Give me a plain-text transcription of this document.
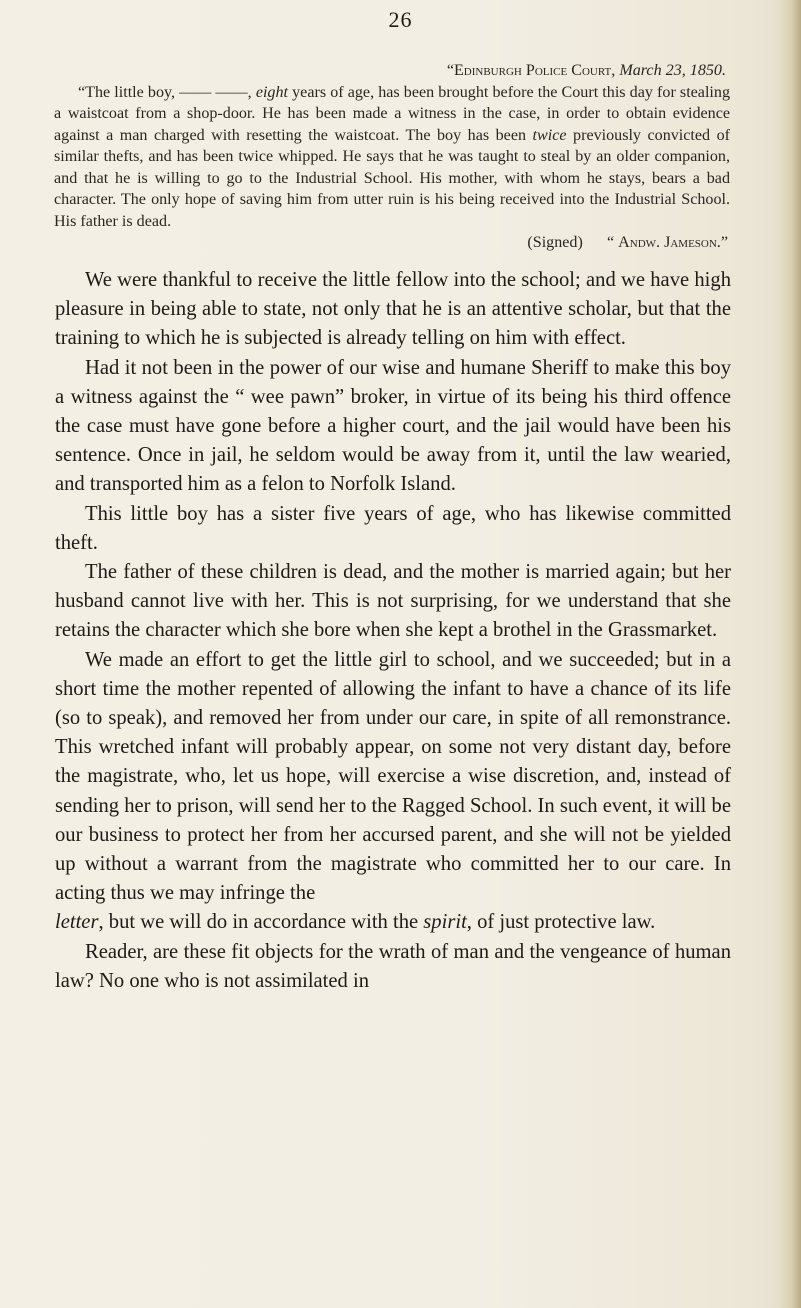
26
“Edinburgh Police Court, March 23, 1850.

“The little boy, —— ——, eight years of age, has been brought before the Court this day for stealing a waistcoat from a shop-door. He has been made a witness in the case, in order to obtain evidence against a man charged with resetting the waistcoat. The boy has been twice previously convicted of similar thefts, and has been twice whipped. He says that he was taught to steal by an older companion, and that he is willing to go to the Industrial School. His mother, with whom he stays, bears a bad character. The only hope of saving him from utter ruin is his being received into the Industrial School. His father is dead.

(Signed) “ Andw. Jameson.”

We were thankful to receive the little fellow into the school; and we have high pleasure in being able to state, not only that he is an attentive scholar, but that the training to which he is subjected is already telling on him with effect.

Had it not been in the power of our wise and humane Sheriff to make this boy a witness against the “ wee pawn” broker, in virtue of its being his third offence the case must have gone before a higher court, and the jail would have been his sentence. Once in jail, he seldom would be away from it, until the law wearied, and transported him as a felon to Norfolk Island.

This little boy has a sister five years of age, who has likewise committed theft.

The father of these children is dead, and the mother is married again; but her husband cannot live with her. This is not surprising, for we understand that she retains the character which she bore when she kept a brothel in the Grassmarket.

We made an effort to get the little girl to school, and we succeeded; but in a short time the mother repented of allowing the infant to have a chance of its life (so to speak), and removed her from under our care, in spite of all remonstrance. This wretched infant will probably appear, on some not very distant day, before the magistrate, who, let us hope, will exercise a wise discretion, and, instead of sending her to prison, will send her to the Ragged School. In such event, it will be our business to protect her from her accursed parent, and she will not be yielded up without a warrant from the magistrate who committed her to our care. In acting thus we may infringe the

letter, but we will do in accordance with the spirit, of just protective law.

Reader, are these fit objects for the wrath of man and the vengeance of human law? No one who is not assimilated in
